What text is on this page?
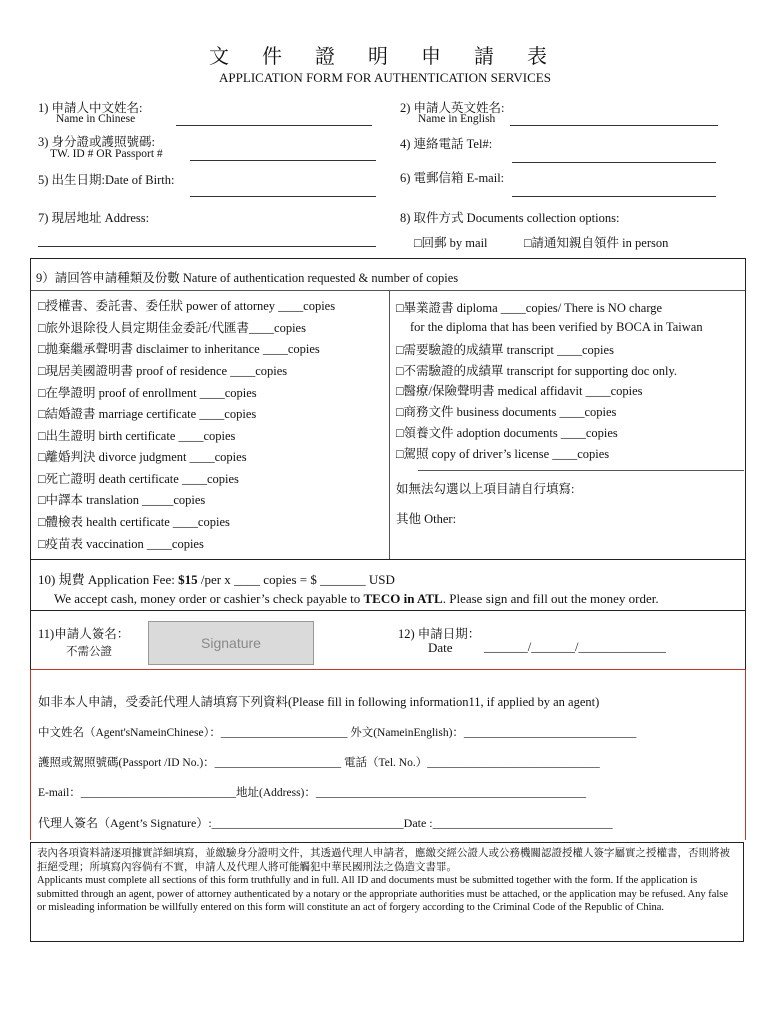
文 件 證 明 申 請 表
APPLICATION FORM FOR AUTHENTICATION SERVICES
1) 申請人中文姓名:
Name in Chinese
2) 申請人英文姓名:
Name in English
3) 身分證或護照號碼:
TW. ID # OR Passport #
4) 連絡電話 Tel#:
5) 出生日期:Date of Birth:	6) 電郵信箱 E-mail:
7) 現居地址 Address:	8) 取件方式 Documents collection options:
□回郵 by mail	□請通知親自領件 in person
9）請回答申請種類及份數 Nature of authentication requested & number of copies
□授權書、委託書、委任狀 power of attorney ____copies
□旅外退除役人員定期佳金委託/代匯書____copies
□拋棄繼承聲明書 disclaimer to inheritance ____copies
□現居美國證明書 proof of residence ____copies
□在學證明 proof of enrollment ____copies
□結婚證書 marriage certificate ____copies
□出生證明 birth certificate ____copies
□離婚判決 divorce judgment ____copies
□死亡證明 death certificate ____copies
□中譯本 translation _____copies
□體檢表 health certificate ____copies
□疫苗表 vaccination ____copies
□畢業證書 diploma ____copies/ There is NO charge
for the diploma that has been verified by BOCA in Taiwan
□需要驗證的成績單 transcript ____copies
□不需驗證的成績單 transcript for supporting doc only.
□醫療/保險聲明書 medical affidavit ____copies
□商務文件 business documents ____copies
□領養文件 adoption documents ____copies
□駕照 copy of driver’s license ____copies
如無法勾選以上項目請自行填寫:
其他 Other:
10) 規費 Application Fee: $15 /per x ____ copies = $ _______ USD
We accept cash, money order or cashier’s check payable to TECO in ATL. Please sign and fill out the money order.
11)申請人簽名：
不需公證
Signature
12) 申請日期：
Date	_______/_______/______________
如非本人申請，受委託代理人請填寫下列資料(Please fill in following information11, if applied by an agent)
中文姓名（Agent'sNameinChinese）：______________________ 外文(NameinEnglish)：______________________________
護照或駕照號碼(Passport /ID No.)：______________________ 電話（Tel. No.）______________________________
E-mail：___________________________地址(Address)：_______________________________________________
代理人簽名（Agent’s Signature）:________________________________Date :______________________________
表內各項資料請逐項據實詳細填寫，並繳驗身分證明文件，其透過代理人申請者，應繳交經公證人或公務機關認證授權人簽字屬實之授權書，否則將被拒絕受理；所填寫內容倘有不實，申請人及代理人將可能觸犯中華民國刑法之偽造文書罪。
Applicants must complete all sections of this form truthfully and in full. All ID and documents must be submitted together with the form. If the application is submitted through an agent, power of attorney authenticated by a notary or the appropriate authorities must be attached, or the application may be refused. Any false or misleading information be willfully entered on this form will constitute an act of forgery according to the Criminal Code of the Republic of China.
